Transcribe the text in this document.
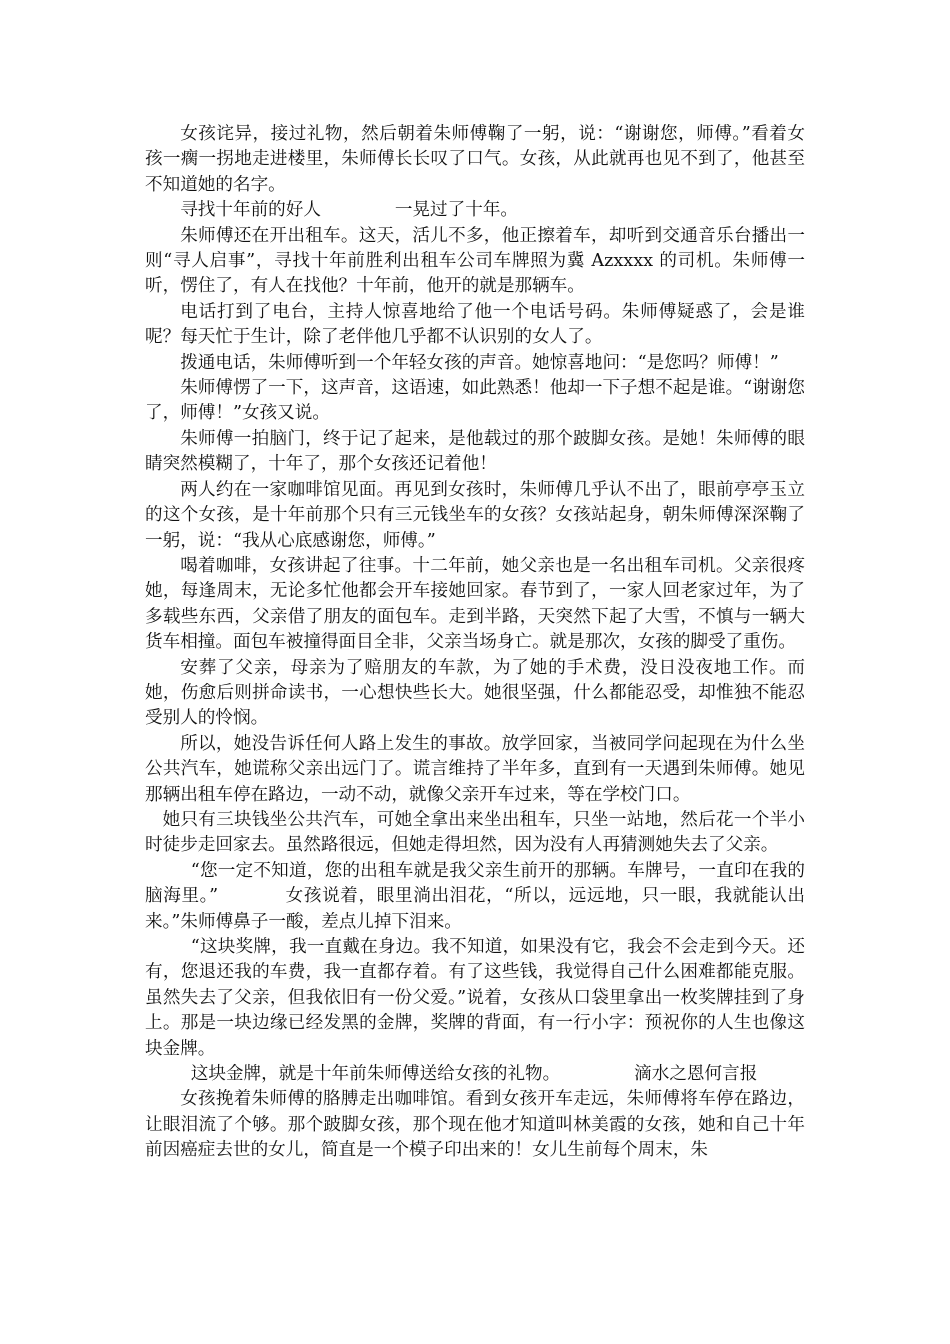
女孩诧异，接过礼物，然后朝着朱师傅鞠了一躬，说：“谢谢您，师傅。”看着女孩一瘸一拐地走进楼里，朱师傅长长叹了口气。女孩，从此就再也见不到了，他甚至不知道她的名字。

寻找十年前的好人	一晃过了十年。

朱师傅还在开出租车。这天，活儿不多，他正擦着车，却听到交通音乐台播出一则“寻人启事”，寻找十年前胜利出租车公司车牌照为冀 Azxxxx 的司机。朱师傅一听，愣住了，有人在找他？十年前，他开的就是那辆车。

电话打到了电台，主持人惊喜地给了他一个电话号码。朱师傅疑惑了，会是谁呢？每天忙于生计，除了老伴他几乎都不认识别的女人了。

拨通电话，朱师傅听到一个年轻女孩的声音。她惊喜地问：“是您吗？师傅！”

朱师傅愣了一下，这声音，这语速，如此熟悉！他却一下子想不起是谁。“谢谢您了，师傅！”女孩又说。

朱师傅一拍脑门，终于记了起来，是他载过的那个跛脚女孩。是她！朱师傅的眼睛突然模糊了，十年了，那个女孩还记着他！

两人约在一家咖啡馆见面。再见到女孩时，朱师傅几乎认不出了，眼前亭亭玉立的这个女孩，是十年前那个只有三元钱坐车的女孩？女孩站起身，朝朱师傅深深鞠了一躬，说：“我从心底感谢您，师傅。”

喝着咖啡，女孩讲起了往事。十二年前，她父亲也是一名出租车司机。父亲很疼她，每逢周末，无论多忙他都会开车接她回家。春节到了，一家人回老家过年，为了多载些东西，父亲借了朋友的面包车。走到半路，天突然下起了大雪，不慎与一辆大货车相撞。面包车被撞得面目全非，父亲当场身亡。就是那次，女孩的脚受了重伤。

安葬了父亲，母亲为了赔朋友的车款，为了她的手术费，没日没夜地工作。而她，伤愈后则拼命读书，一心想快些长大。她很坚强，什么都能忍受，却惟独不能忍受别人的怜悯。

所以，她没告诉任何人路上发生的事故。放学回家，当被同学问起现在为什么坐公共汽车，她谎称父亲出远门了。谎言维持了半年多，直到有一天遇到朱师傅。她见那辆出租车停在路边，一动不动，就像父亲开车过来，等在学校门口。

她只有三块钱坐公共汽车，可她全拿出来坐出租车，只坐一站地，然后花一个半小时徒步走回家去。虽然路很远，但她走得坦然，因为没有人再猜测她失去了父亲。

“您一定不知道，您的出租车就是我父亲生前开的那辆。车牌号，一直印在我的脑海里。”	女孩说着，眼里淌出泪花，“所以，远远地，只一眼，我就能认出来。”朱师傅鼻子一酸，差点儿掉下泪来。

“这块奖牌，我一直戴在身边。我不知道，如果没有它，我会不会走到今天。还有，您退还我的车费，我一直都存着。有了这些钱，我觉得自己什么困难都能克服。虽然失去了父亲，但我依旧有一份父爱。”说着，女孩从口袋里拿出一枚奖牌挂到了身上。那是一块边缘已经发黑的金牌，奖牌的背面，有一行小字：预祝你的人生也像这块金牌。

这块金牌，就是十年前朱师傅送给女孩的礼物。	滴水之恩何言报

女孩挽着朱师傅的胳膊走出咖啡馆。看到女孩开车走远，朱师傅将车停在路边，让眼泪流了个够。那个跛脚女孩，那个现在他才知道叫林美霞的女孩，她和自己十年前因癌症去世的女儿，简直是一个模子印出来的！女儿生前每个周末，朱
